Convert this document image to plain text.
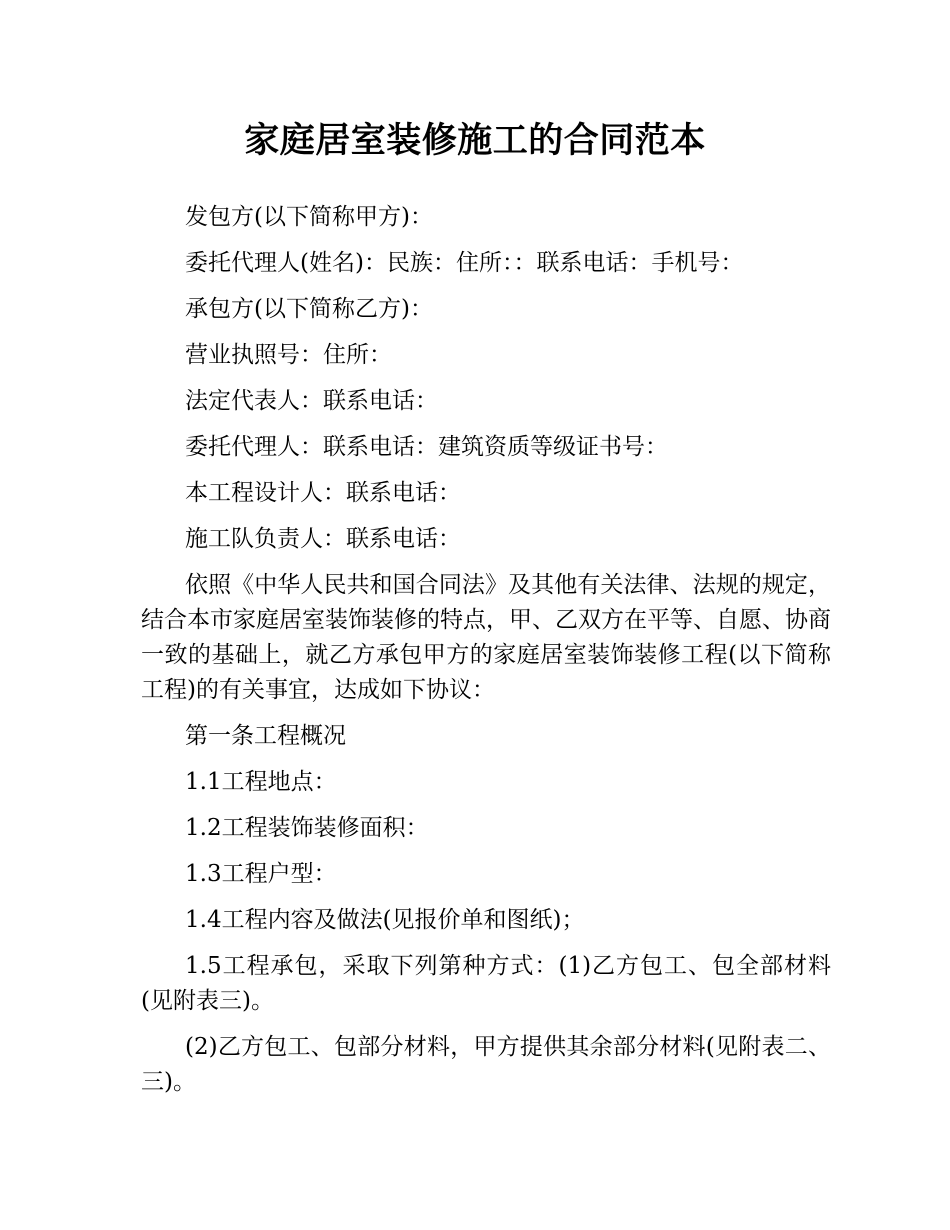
家庭居室装修施工的合同范本

发包方(以下简称甲方)：

委托代理人(姓名)：民族：住所：：联系电话：手机号：

承包方(以下简称乙方)：

营业执照号：住所：

法定代表人：联系电话：

委托代理人：联系电话：建筑资质等级证书号：

本工程设计人：联系电话：

施工队负责人：联系电话：

依照《中华人民共和国合同法》及其他有关法律、法规的规定，结合本市家庭居室装饰装修的特点，甲、乙双方在平等、自愿、协商一致的基础上，就乙方承包甲方的家庭居室装饰装修工程(以下简称工程)的有关事宜，达成如下协议：

第一条工程概况

1.1工程地点：

1.2工程装饰装修面积：

1.3工程户型：

1.4工程内容及做法(见报价单和图纸)；

1.5工程承包，采取下列第种方式：(1)乙方包工、包全部材料(见附表三)。

(2)乙方包工、包部分材料，甲方提供其余部分材料(见附表二、三)。
